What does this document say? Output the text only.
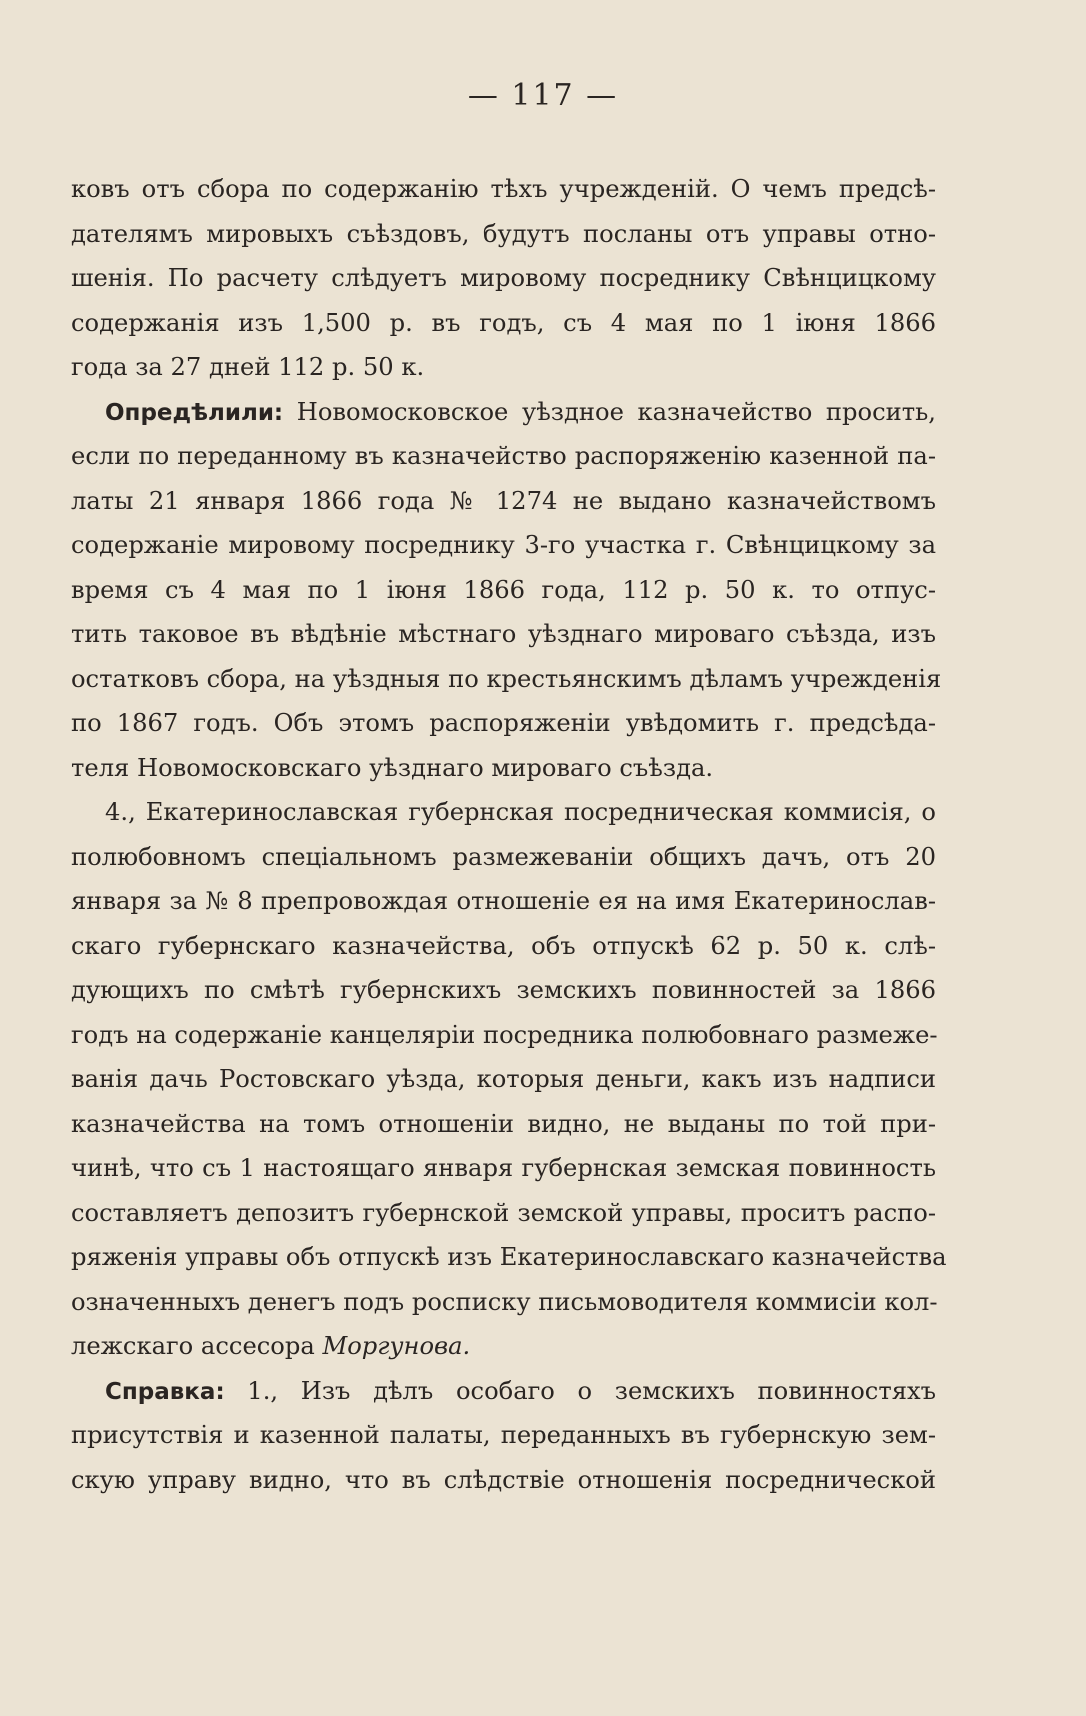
— 117 —
ковъ отъ сбора по содержанію тѣхъ учрежденій. О чемъ предсѣ-
дателямъ мировыхъ съѣздовъ, будутъ посланы отъ управы отно-
шенія. По расчету слѣдуетъ мировому посреднику Свѣнцицкому
содержанія изъ 1,500 р. въ годъ, съ 4 мая по 1 іюня 1866
года за 27 дней 112 р. 50 к.
Опредѣлили: Новомосковское уѣздное казначейство просить,
если по переданному въ казначейство распоряженію казенной па-
латы 21 января 1866 года № 1274 не выдано казначействомъ
содержаніе мировому посреднику 3-го участка г. Свѣнцицкому за
время съ 4 мая по 1 іюня 1866 года, 112 р. 50 к. то отпус-
тить таковое въ вѣдѣніе мѣстнаго уѣзднаго мироваго съѣзда, изъ
остатковъ сбора, на уѣздныя по крестьянскимъ дѣламъ учрежденія
по 1867 годъ. Объ этомъ распоряженіи увѣдомить г. предсѣда-
теля Новомосковскаго уѣзднаго мироваго съѣзда.
4., Екатеринославская губернская посредническая коммисія, о
полюбовномъ спеціальномъ размежеваніи общихъ дачъ, отъ 20
января за № 8 препровождая отношеніе ея на имя Екатеринослав-
скаго губернскаго казначейства, объ отпускѣ 62 р. 50 к. слѣ-
дующихъ по смѣтѣ губернскихъ земскихъ повинностей за 1866
годъ на содержаніе канцеляріи посредника полюбовнаго размеже-
ванія дачь Ростовскаго уѣзда, которыя деньги, какъ изъ надписи
казначейства на томъ отношеніи видно, не выданы по той при-
чинѣ, что съ 1 настоящаго января губернская земская повинность
составляетъ депозитъ губернской земской управы, проситъ распо-
ряженія управы объ отпускѣ изъ Екатеринославскаго казначейства
означенныхъ денегъ подъ росписку письмоводителя коммисіи кол-
лежскаго ассесора Моргунова.
Справка: 1., Изъ дѣлъ особаго о земскихъ повинностяхъ
присутствія и казенной палаты, переданныхъ въ губернскую зем-
скую управу видно, что въ слѣдствіе отношенія посреднической
